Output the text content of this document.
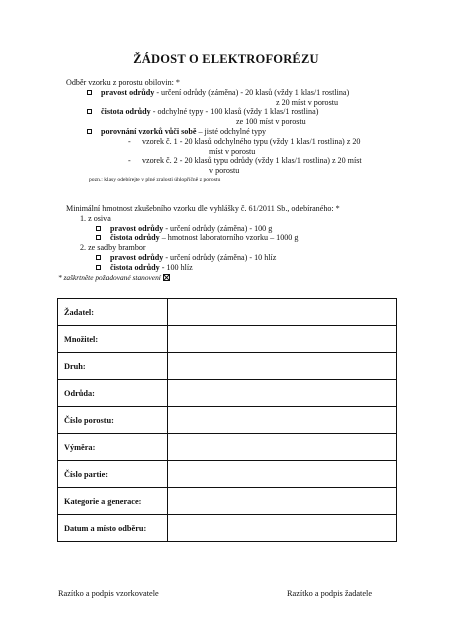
ŽÁDOST O ELEKTROFORÉZU
Odběr vzorku z porostu obilovin: *
pravost odrůdy - určení odrůdy (záměna) - 20 klasů (vždy 1 klas/1 rostlina)
z 20 míst v porostu
čistota odrůdy - odchylné typy - 100 klasů (vždy 1 klas/1 rostlina)
ze 100 míst v porostu
porovnání vzorků vůči sobě – jisté odchylné typy
- vzorek č. 1 - 20 klasů odchylného typu (vždy 1 klas/1 rostlina) z 20
míst v porostu
- vzorek č. 2 - 20 klasů typu odrůdy (vždy 1 klas/1 rostlina) z 20 míst
v porostu
pozn.: klasy odebírejte v plné zralosti úhlopříčně z porostu
Minimální hmotnost zkušebního vzorku dle vyhlášky č. 61/2011 Sb., odebíraného: *
1. z osiva
pravost odrůdy - určení odrůdy (záměna) - 100 g
čistota odrůdy – hmotnost laboratorního vzorku – 1000 g
2. ze sadby brambor
pravost odrůdy - určení odrůdy (záměna) - 10 hlíz
čistota odrůdy - 100 hlíz
* zaškrtněte požadované stanovení
Žadatel:	
Množitel:	
Druh:	
Odrůda:	
Číslo porostu:	
Výměra:	
Číslo partie:	
Kategorie a generace:	
Datum a místo odběru:	
Razítko a podpis vzorkovatele	Razítko a podpis žadatele
